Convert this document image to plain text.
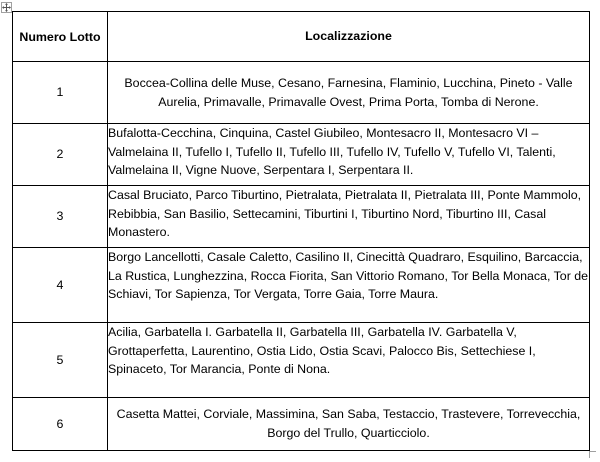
Numero Lotto	Localizzazione
1	Boccea-Collina delle Muse, Cesano, Farnesina, Flaminio, Lucchina, Pineto - Valle Aurelia, Primavalle, Primavalle Ovest, Prima Porta, Tomba di Nerone.
2	Bufalotta-Cecchina, Cinquina, Castel Giubileo, Montesacro II, Montesacro VI – Valmelaina II, Tufello I, Tufello II, Tufello III, Tufello IV, Tufello V, Tufello VI, Talenti, Valmelaina II, Vigne Nuove, Serpentara I, Serpentara II.
3	Casal Bruciato, Parco Tiburtino, Pietralata, Pietralata II, Pietralata III, Ponte Mammolo, Rebibbia, San Basilio, Settecamini, Tiburtini I, Tiburtino Nord, Tiburtino III, Casal Monastero.
4	Borgo Lancellotti, Casale Caletto, Casilino II, Cinecittà Quadraro, Esquilino, Barcaccia, La Rustica, Lunghezzina, Rocca Fiorita, San Vittorio Romano, Tor Bella Monaca, Tor de Schiavi, Tor Sapienza, Tor Vergata, Torre Gaia, Torre Maura.
5	Acilia, Garbatella I. Garbatella II, Garbatella III, Garbatella IV. Garbatella V, Grottaperfetta, Laurentino, Ostia Lido, Ostia Scavi, Palocco Bis, Settechiese I, Spinaceto, Tor Marancia, Ponte di Nona.
6	Casetta Mattei, Corviale, Massimina, San Saba, Testaccio, Trastevere, Torrevecchia, Borgo del Trullo, Quarticciolo.
